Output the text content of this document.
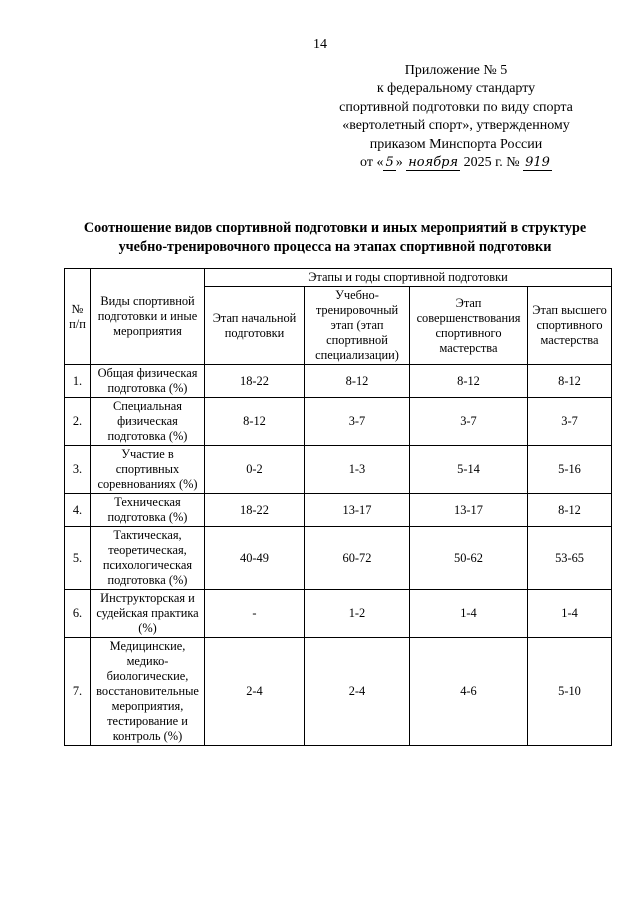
14
Приложение № 5
к федеральному стандарту
спортивной подготовки по виду спорта
«вертолетный спорт», утвержденному
приказом Минспорта России
от « 5 » ноября 2025 г. № 919
Соотношение видов спортивной подготовки и иных мероприятий в структуре
учебно-тренировочного процесса на этапах спортивной подготовки
№ п/п	Виды спортивной подготовки и иные мероприятия	Этапы и годы спортивной подготовки			
		Этап начальной подготовки	Учебно-тренировочный этап (этап спортивной специализации)	Этап совершенствования спортивного мастерства	Этап высшего спортивного мастерства
1.	Общая физическая подготовка (%)	18-22	8-12	8-12	8-12
2.	Специальная физическая подготовка (%)	8-12	3-7	3-7	3-7
3.	Участие в спортивных соревнованиях (%)	0-2	1-3	5-14	5-16
4.	Техническая подготовка (%)	18-22	13-17	13-17	8-12
5.	Тактическая, теоретическая, психологическая подготовка (%)	40-49	60-72	50-62	53-65
6.	Инструкторская и судейская практика (%)	-	1-2	1-4	1-4
7.	Медицинские, медико-биологические, восстановительные мероприятия, тестирование и контроль (%)	2-4	2-4	4-6	5-10
